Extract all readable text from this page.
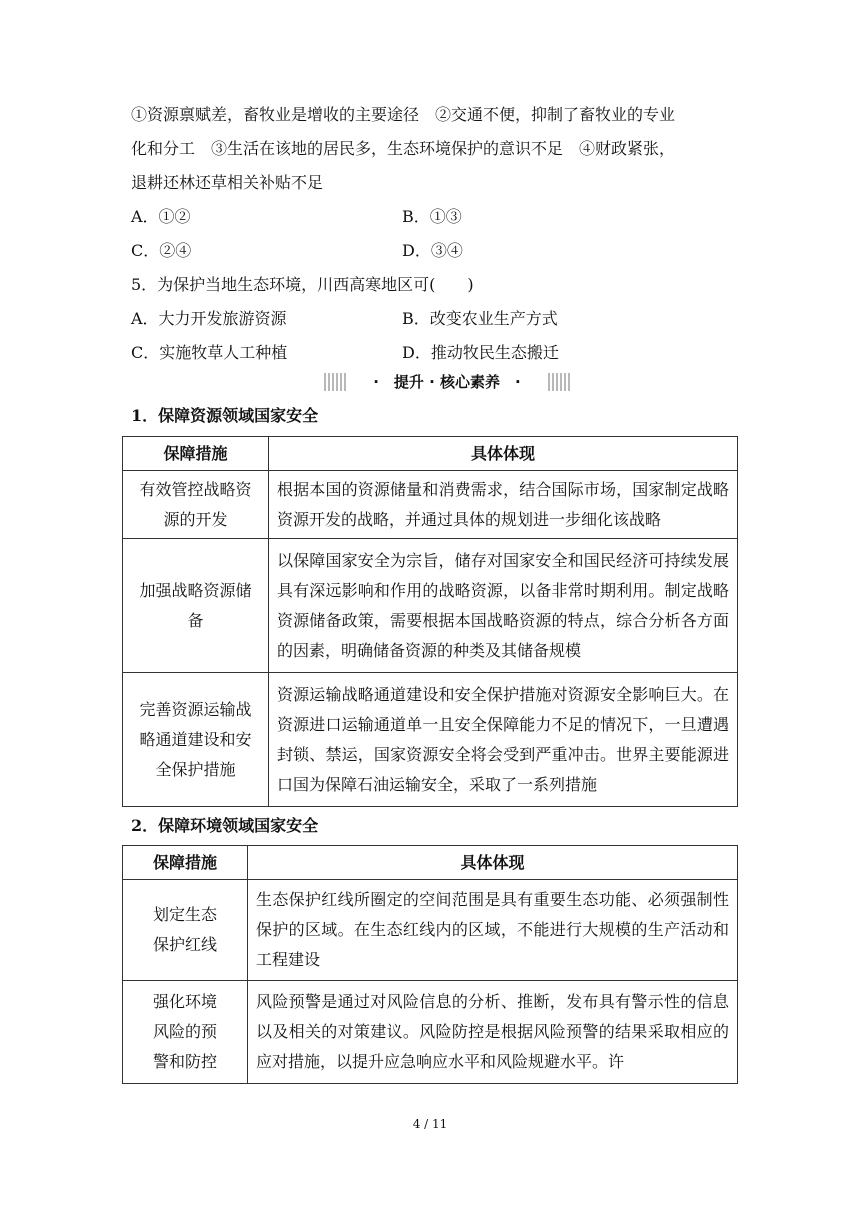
①资源禀赋差，畜牧业是增收的主要途径　②交通不便，抑制了畜牧业的专业
化和分工　③生活在该地的居民多，生态环境保护的意识不足　④财政紧张，
退耕还林还草相关补贴不足
A．①②	B．①③
C．②④	D．③④
5．为保护当地生态环境，川西高寒地区可(　　)
A．大力开发旅游资源	B．改变农业生产方式
C．实施牧草人工种植	D．推动牧民生态搬迁
·　提升 · 核心素养　·
1．保障资源领域国家安全
保障措施	具体体现

有效管控战略资
源的开发	根据本国的资源储量和消费需求，结合国际市场，国家制定战略资源开发的战略，并通过具体的规划进一步细化该战略

加强战略资源储
备	以保障国家安全为宗旨，储存对国家安全和国民经济可持续发展具有深远影响和作用的战略资源，以备非常时期利用。制定战略资源储备政策，需要根据本国战略资源的特点，综合分析各方面的因素，明确储备资源的种类及其储备规模

完善资源运输战
略通道建设和安
全保护措施	资源运输战略通道建设和安全保护措施对资源安全影响巨大。在资源进口运输通道单一且安全保障能力不足的情况下，一旦遭遇封锁、禁运，国家资源安全将会受到严重冲击。世界主要能源进口国为保障石油运输安全，采取了一系列措施
2．保障环境领域国家安全
保障措施	具体体现

划定生态
保护红线	生态保护红线所圈定的空间范围是具有重要生态功能、必须强制性保护的区域。在生态红线内的区域，不能进行大规模的生产活动和工程建设

强化环境
风险的预
警和防控	风险预警是通过对风险信息的分析、推断，发布具有警示性的信息以及相关的对策建议。风险防控是根据风险预警的结果采取相应的应对措施，以提升应急响应水平和风险规避水平。许
4 / 11
